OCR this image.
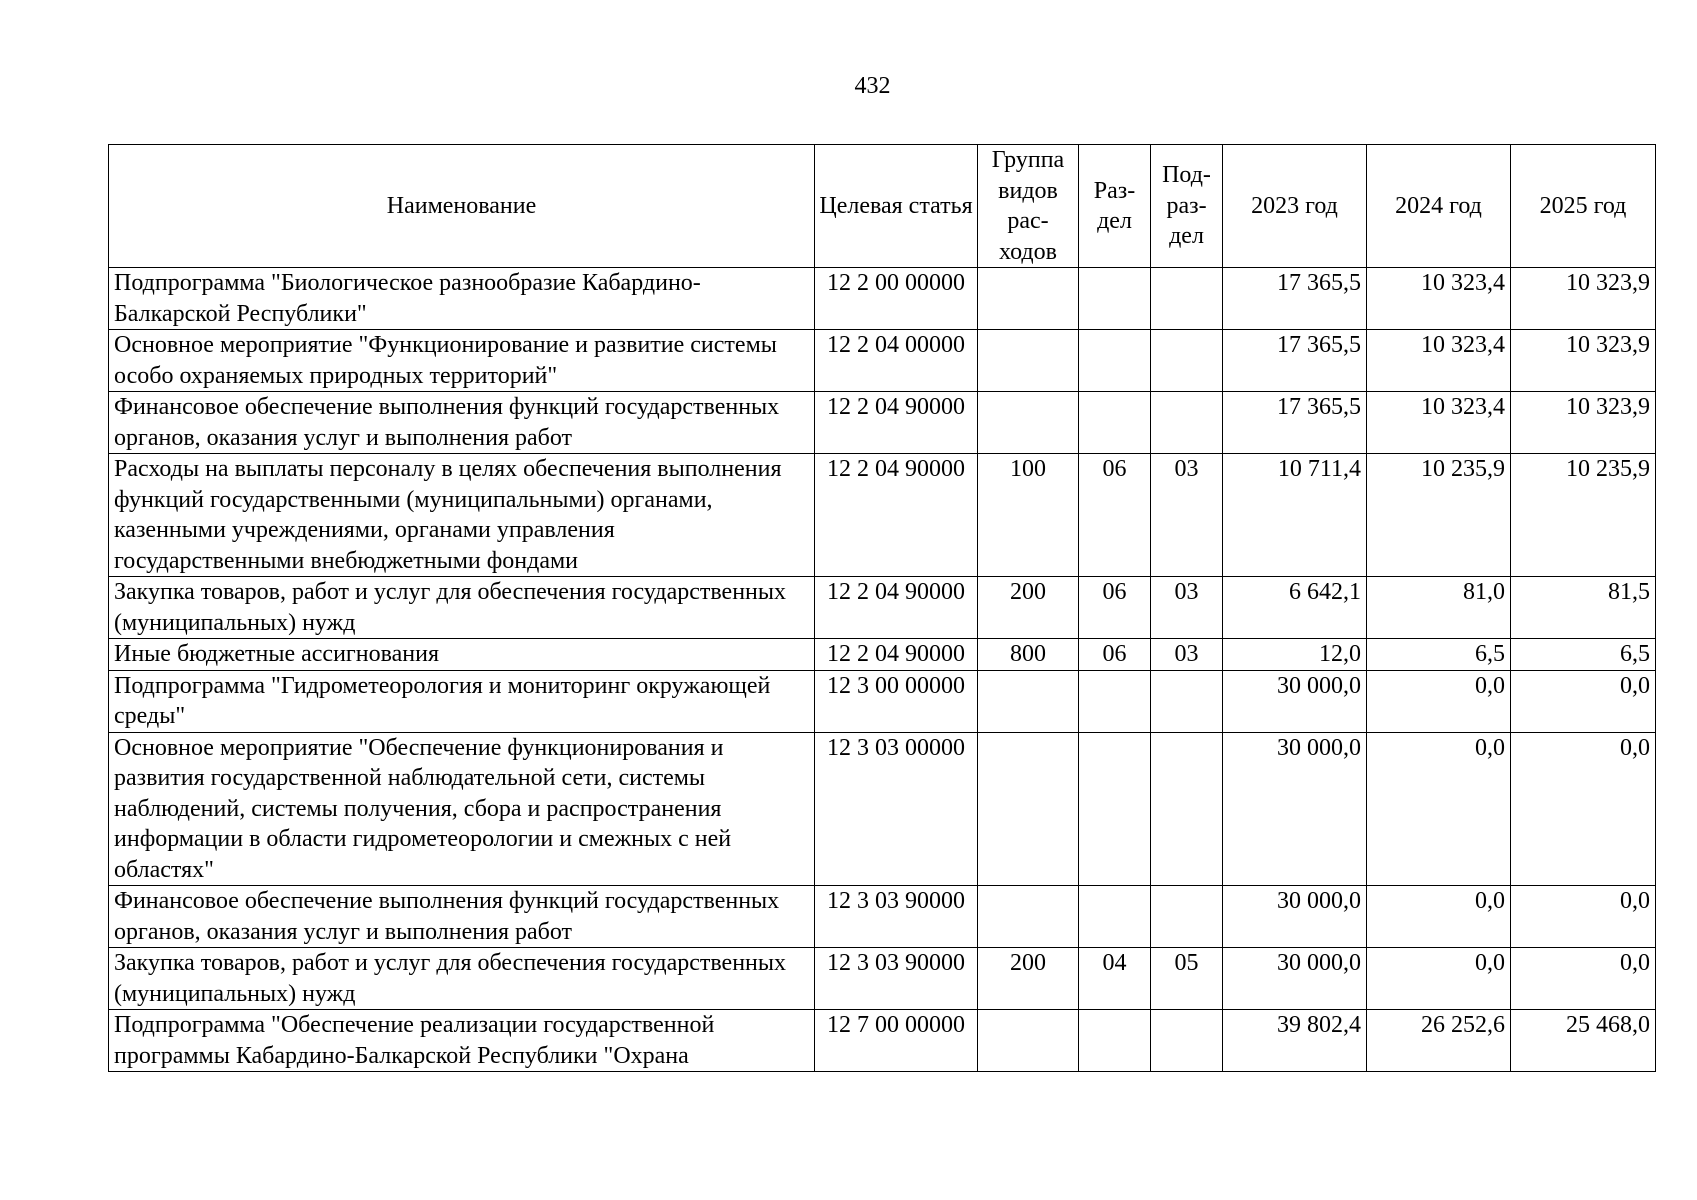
432
Наименование	Целевая статья	Группа видов рас-ходов	Раз-дел	Под-раз-дел	2023 год	2024 год	2025 год
Подпрограмма "Биологическое разнообразие Кабардино-Балкарской Республики"	12 2 00 00000				17 365,5	10 323,4	10 323,9
Основное мероприятие "Функционирование и развитие системы особо охраняемых природных территорий"	12 2 04 00000				17 365,5	10 323,4	10 323,9
Финансовое обеспечение выполнения функций государственных органов, оказания услуг и выполнения работ	12 2 04 90000				17 365,5	10 323,4	10 323,9
Расходы на выплаты персоналу в целях обеспечения выполнения функций государственными (муниципальными) органами, казенными учреждениями, органами управления государственными внебюджетными фондами	12 2 04 90000	100	06	03	10 711,4	10 235,9	10 235,9
Закупка товаров, работ и услуг для обеспечения государственных (муниципальных) нужд	12 2 04 90000	200	06	03	6 642,1	81,0	81,5
Иные бюджетные ассигнования	12 2 04 90000	800	06	03	12,0	6,5	6,5
Подпрограмма "Гидрометеорология и мониторинг окружающей среды"	12 3 00 00000				30 000,0	0,0	0,0
Основное мероприятие "Обеспечение функционирования и развития государственной наблюдательной сети, системы наблюдений, системы получения, сбора и распространения информации в области гидрометеорологии и смежных с ней областях"	12 3 03 00000				30 000,0	0,0	0,0
Финансовое обеспечение выполнения функций государственных органов, оказания услуг и выполнения работ	12 3 03 90000				30 000,0	0,0	0,0
Закупка товаров, работ и услуг для обеспечения государственных (муниципальных) нужд	12 3 03 90000	200	04	05	30 000,0	0,0	0,0
Подпрограмма "Обеспечение реализации государственной программы Кабардино-Балкарской Республики "Охрана	12 7 00 00000				39 802,4	26 252,6	25 468,0
